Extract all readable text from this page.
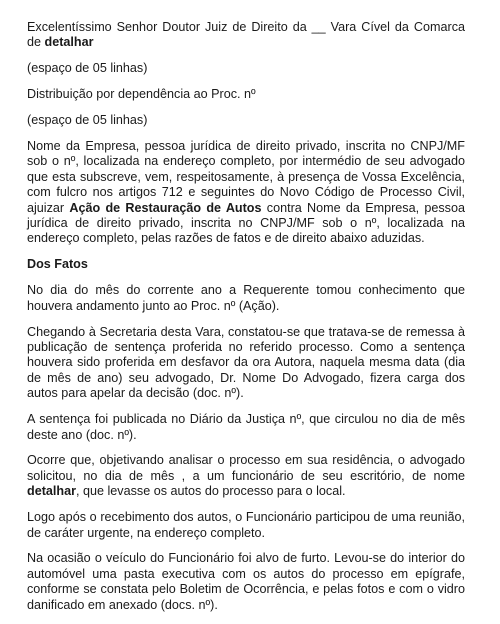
Excelentíssimo Senhor Doutor Juiz de Direito da __ Vara Cível da Comarca de detalhar

(espaço de 05 linhas)

Distribuição por dependência ao Proc. nº

(espaço de 05 linhas)

Nome da Empresa, pessoa jurídica de direito privado, inscrita no CNPJ/MF sob o nº, localizada na endereço completo, por intermédio de seu advogado que esta subscreve, vem, respeitosamente, à presença de Vossa Excelência, com fulcro nos artigos 712 e seguintes do Novo Código de Processo Civil, ajuizar Ação de Restauração de Autos contra Nome da Empresa, pessoa jurídica de direito privado, inscrita no CNPJ/MF sob o nº, localizada na endereço completo, pelas razões de fatos e de direito abaixo aduzidas.

Dos Fatos

No dia do mês do corrente ano a Requerente tomou conhecimento que houvera andamento junto ao Proc. nº (Ação).

Chegando à Secretaria desta Vara, constatou-se que tratava-se de remessa à publicação de sentença proferida no referido processo. Como a sentença houvera sido proferida em desfavor da ora Autora, naquela mesma data (dia de mês de ano) seu advogado, Dr. Nome Do Advogado, fizera carga dos autos para apelar da decisão (doc. nº).

A sentença foi publicada no Diário da Justiça nº, que circulou no dia de mês deste ano (doc. nº).

Ocorre que, objetivando analisar o processo em sua residência, o advogado solicitou, no dia de mês , a um funcionário de seu escritório, de nome detalhar, que levasse os autos do processo para o local.

Logo após o recebimento dos autos, o Funcionário participou de uma reunião, de caráter urgente, na endereço completo.

Na ocasião o veículo do Funcionário foi alvo de furto. Levou-se do interior do automóvel uma pasta executiva com os autos do processo em epígrafe, conforme se constata pelo Boletim de Ocorrência, e pelas fotos e com o vidro danificado em anexado (docs. nº).
